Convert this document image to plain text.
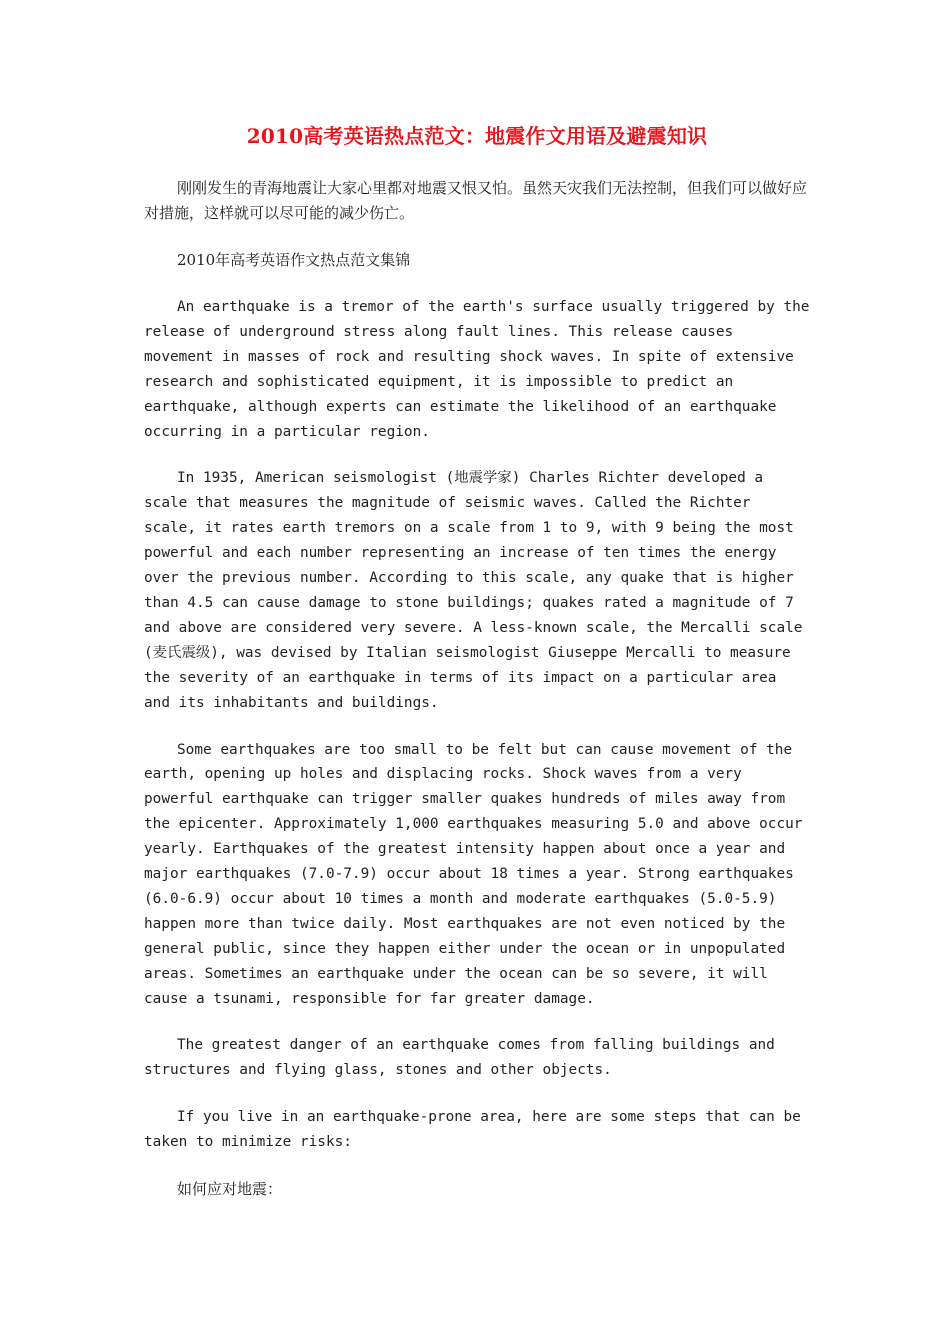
2010高考英语热点范文：地震作文用语及避震知识

刚刚发生的青海地震让大家心里都对地震又恨又怕。虽然天灾我们无法控制，但我们可以做好应对措施，这样就可以尽可能的减少伤亡。

2010年高考英语作文热点范文集锦

An earthquake is a tremor of the earth's surface usually triggered by the release of underground stress along fault lines. This release causes movement in masses of rock and resulting shock waves. In spite of extensive research and sophisticated equipment, it is impossible to predict an earthquake, although experts can estimate the likelihood of an earthquake occurring in a particular region.

In 1935, American seismologist (地震学家) Charles Richter developed a scale that measures the magnitude of seismic waves. Called the Richter scale, it rates earth tremors on a scale from 1 to 9, with 9 being the most powerful and each number representing an increase of ten times the energy over the previous number. According to this scale, any quake that is higher than 4.5 can cause damage to stone buildings; quakes rated a magnitude of 7 and above are considered very severe. A less-known scale, the Mercalli scale (麦氏震级), was devised by Italian seismologist Giuseppe Mercalli to measure the severity of an earthquake in terms of its impact on a particular area and its inhabitants and buildings.

Some earthquakes are too small to be felt but can cause movement of the earth, opening up holes and displacing rocks. Shock waves from a very powerful earthquake can trigger smaller quakes hundreds of miles away from the epicenter. Approximately 1,000 earthquakes measuring 5.0 and above occur yearly. Earthquakes of the greatest intensity happen about once a year and major earthquakes (7.0-7.9) occur about 18 times a year. Strong earthquakes (6.0-6.9) occur about 10 times a month and moderate earthquakes (5.0-5.9) happen more than twice daily. Most earthquakes are not even noticed by the general public, since they happen either under the ocean or in unpopulated areas. Sometimes an earthquake under the ocean can be so severe, it will cause a tsunami, responsible for far greater damage.

The greatest danger of an earthquake comes from falling buildings and structures and flying glass, stones and other objects.

If you live in an earthquake-prone area, here are some steps that can be taken to minimize risks:

如何应对地震：
